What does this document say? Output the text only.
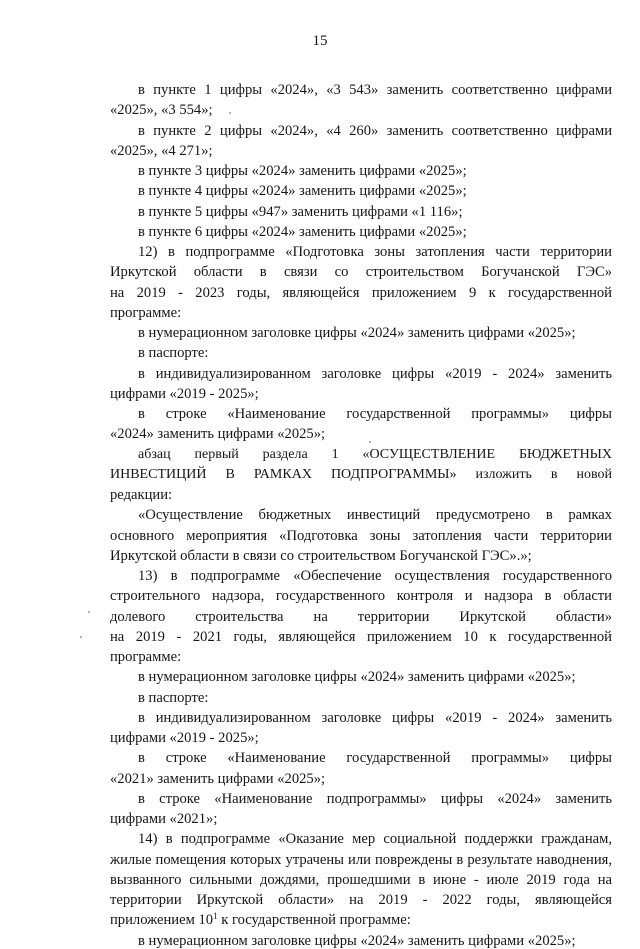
15
в пункте 1 цифры «2024», «3 543» заменить соответственно цифрами
«2025», «3 554»;
в пункте 2 цифры «2024», «4 260» заменить соответственно цифрами
«2025», «4 271»;
в пункте 3 цифры «2024» заменить цифрами «2025»;
в пункте 4 цифры «2024» заменить цифрами «2025»;
в пункте 5 цифры «947» заменить цифрами «1 116»;
в пункте 6 цифры «2024» заменить цифрами «2025»;
12) в подпрограмме «Подготовка зоны затопления части территории
Иркутской области в связи со строительством Богучанской ГЭС»
на 2019 - 2023 годы, являющейся приложением 9 к государственной
программе:
в нумерационном заголовке цифры «2024» заменить цифрами «2025»;
в паспорте:
в индивидуализированном заголовке цифры «2019 - 2024» заменить
цифрами «2019 - 2025»;
в строке «Наименование государственной программы» цифры
«2024» заменить цифрами «2025»;
абзац первый раздела 1 «ОСУЩЕСТВЛЕНИЕ БЮДЖЕТНЫХ
ИНВЕСТИЦИЙ В РАМКАХ ПОДПРОГРАММЫ» изложить в новой
редакции:
«Осуществление бюджетных инвестиций предусмотрено в рамках
основного мероприятия «Подготовка зоны затопления части территории
Иркутской области в связи со строительством Богучанской ГЭС».»;
13) в подпрограмме «Обеспечение осуществления государственного
строительного надзора, государственного контроля и надзора в области
долевого строительства на территории Иркутской области»
на 2019 - 2021 годы, являющейся приложением 10 к государственной
программе:
в нумерационном заголовке цифры «2024» заменить цифрами «2025»;
в паспорте:
в индивидуализированном заголовке цифры «2019 - 2024» заменить
цифрами «2019 - 2025»;
в строке «Наименование государственной программы» цифры
«2021» заменить цифрами «2025»;
в строке «Наименование подпрограммы» цифры «2024» заменить
цифрами «2021»;
14) в подпрограмме «Оказание мер социальной поддержки гражданам,
жилые помещения которых утрачены или повреждены в результате наводнения,
вызванного сильными дождями, прошедшими в июне - июле 2019 года на
территории Иркутской области» на 2019 - 2022 годы, являющейся
приложением $10^1$ к государственной программе:
в нумерационном заголовке цифры «2024» заменить цифрами «2025»;
